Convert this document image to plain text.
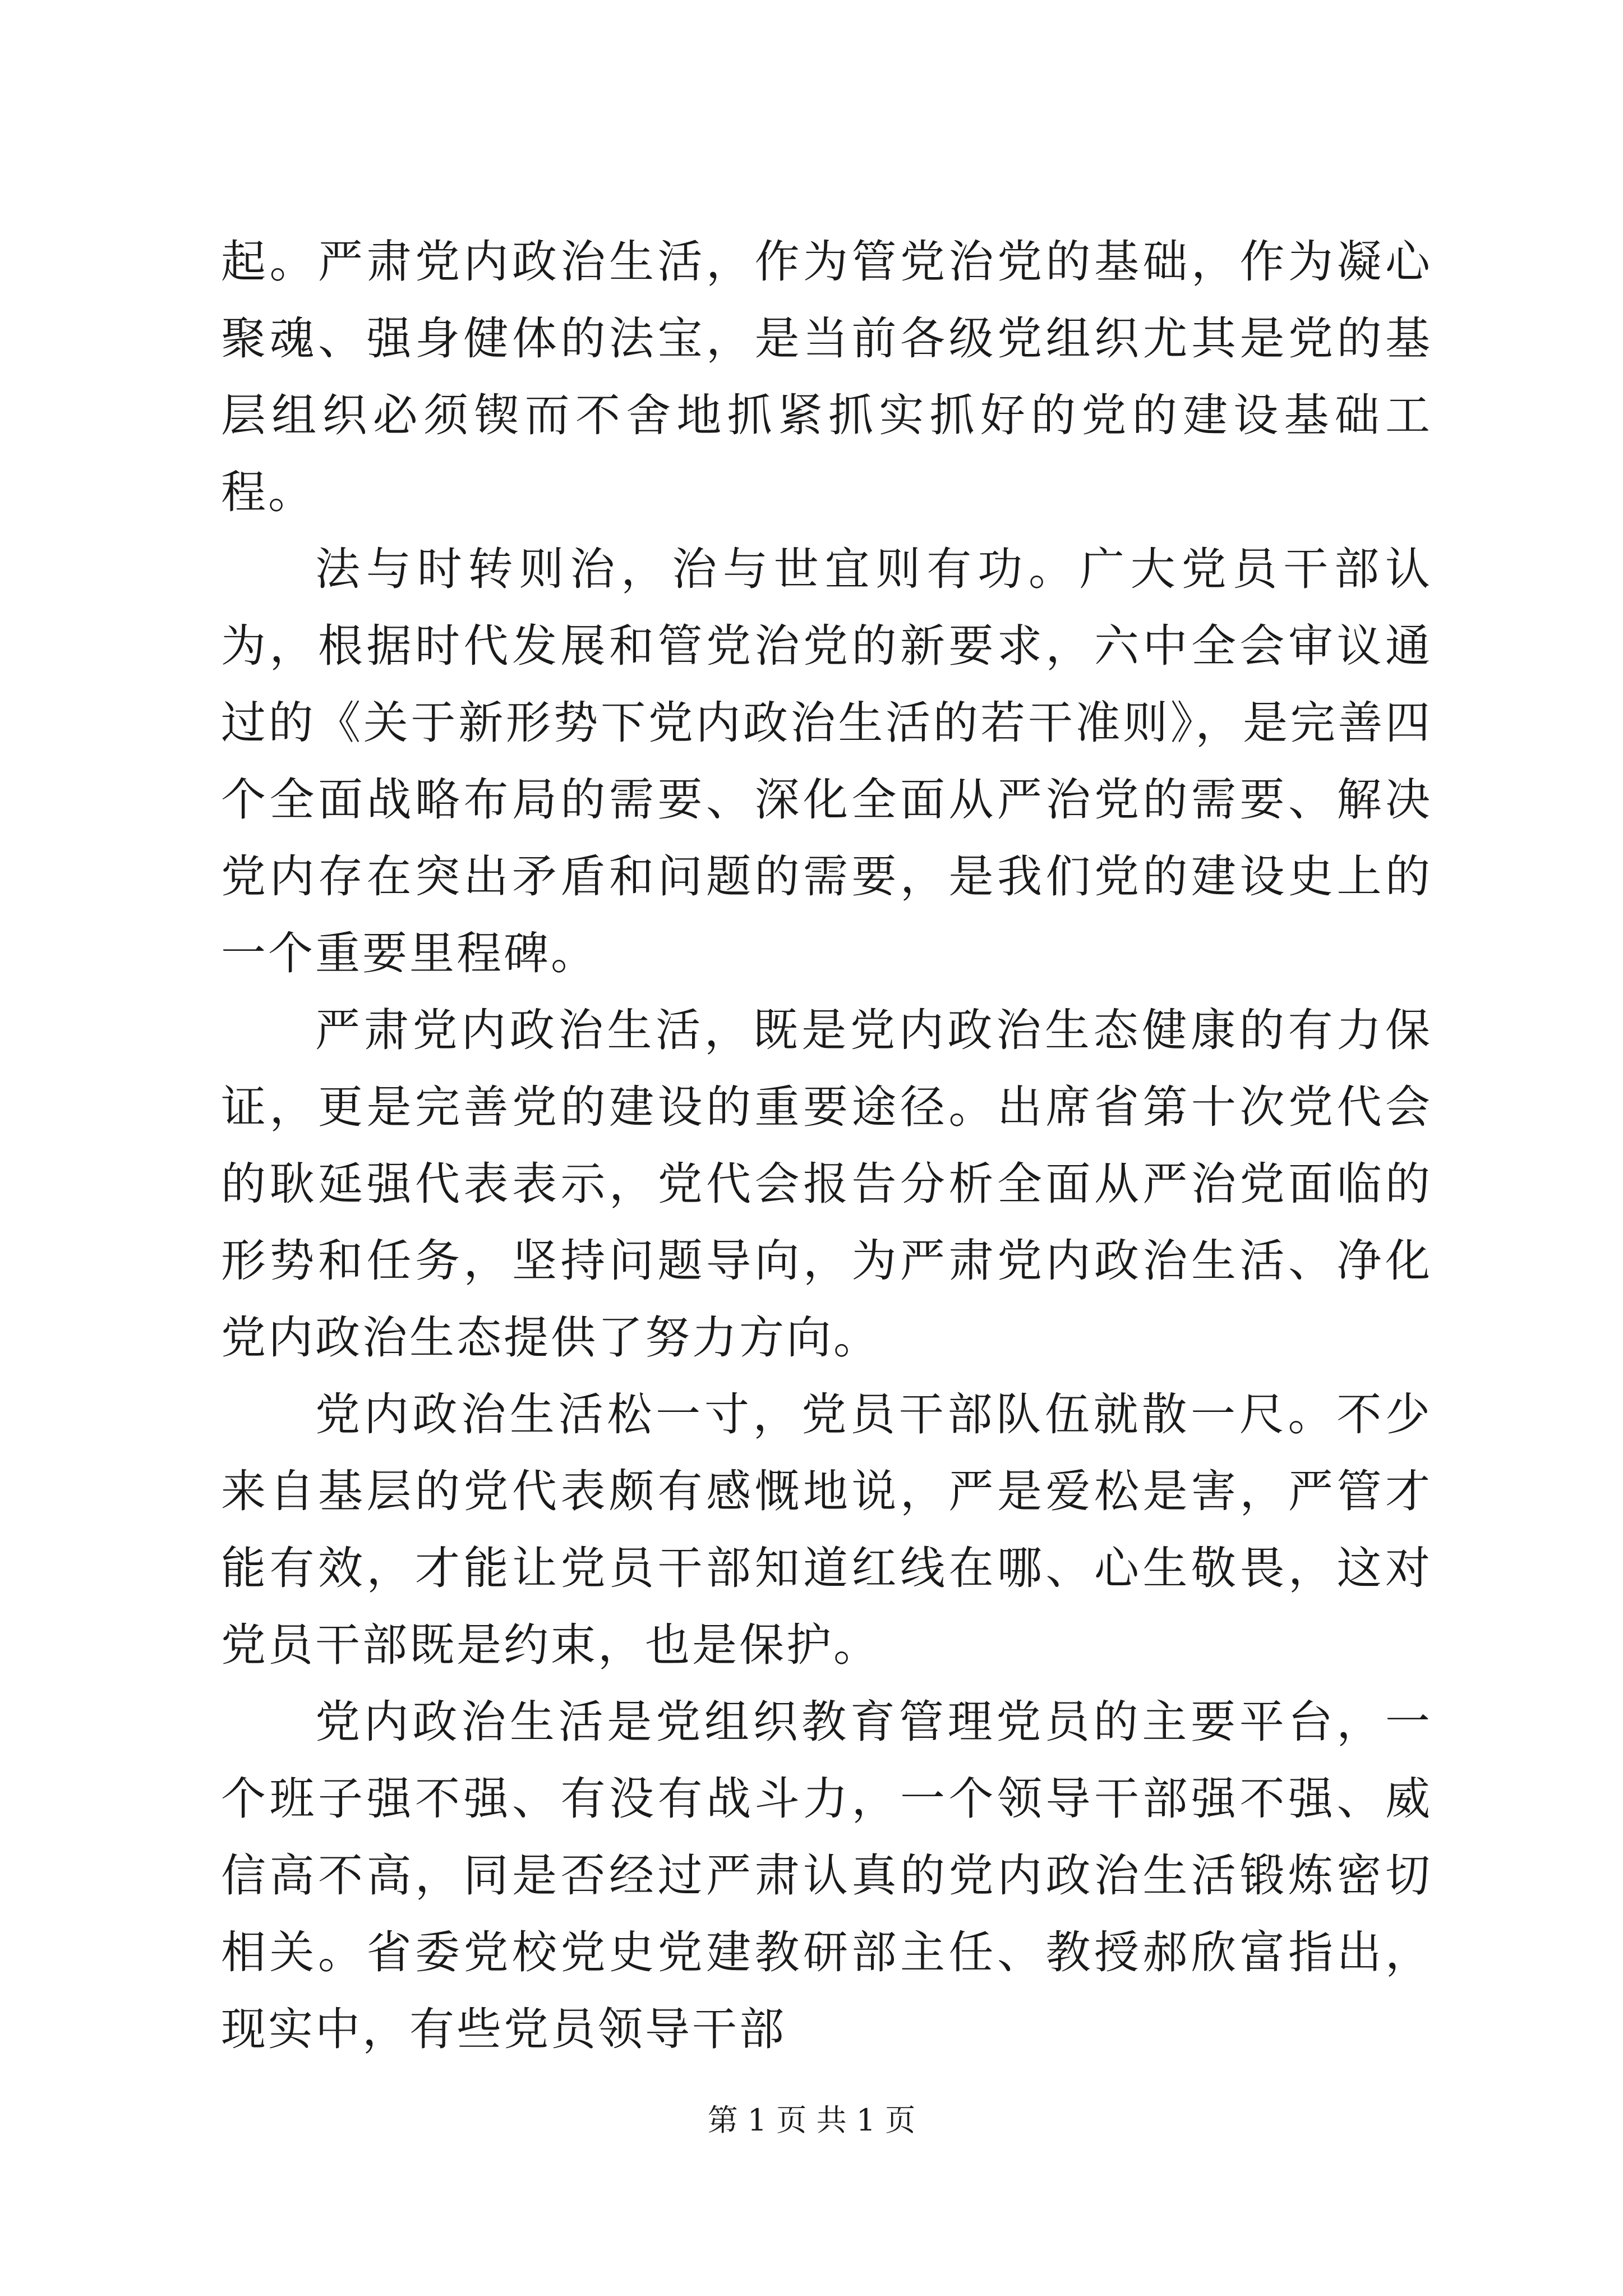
起。严肃党内政治生活，作为管党治党的基础，作为凝心聚魂、强身健体的法宝，是当前各级党组织尤其是党的基层组织必须锲而不舍地抓紧抓实抓好的党的建设基础工程。

法与时转则治，治与世宜则有功。广大党员干部认为，根据时代发展和管党治党的新要求，六中全会审议通过的《关于新形势下党内政治生活的若干准则》，是完善四个全面战略布局的需要、深化全面从严治党的需要、解决党内存在突出矛盾和问题的需要，是我们党的建设史上的一个重要里程碑。

严肃党内政治生活，既是党内政治生态健康的有力保证，更是完善党的建设的重要途径。出席省第十次党代会的耿延强代表表示，党代会报告分析全面从严治党面临的形势和任务，坚持问题导向，为严肃党内政治生活、净化党内政治生态提供了努力方向。

党内政治生活松一寸，党员干部队伍就散一尺。不少来自基层的党代表颇有感慨地说，严是爱松是害，严管才能有效，才能让党员干部知道红线在哪、心生敬畏，这对党员干部既是约束，也是保护。

党内政治生活是党组织教育管理党员的主要平台，一个班子强不强、有没有战斗力，一个领导干部强不强、威信高不高，同是否经过严肃认真的党内政治生活锻炼密切相关。省委党校党史党建教研部主任、教授郝欣富指出，现实中，有些党员领导干部

第 1 页 共 1 页
